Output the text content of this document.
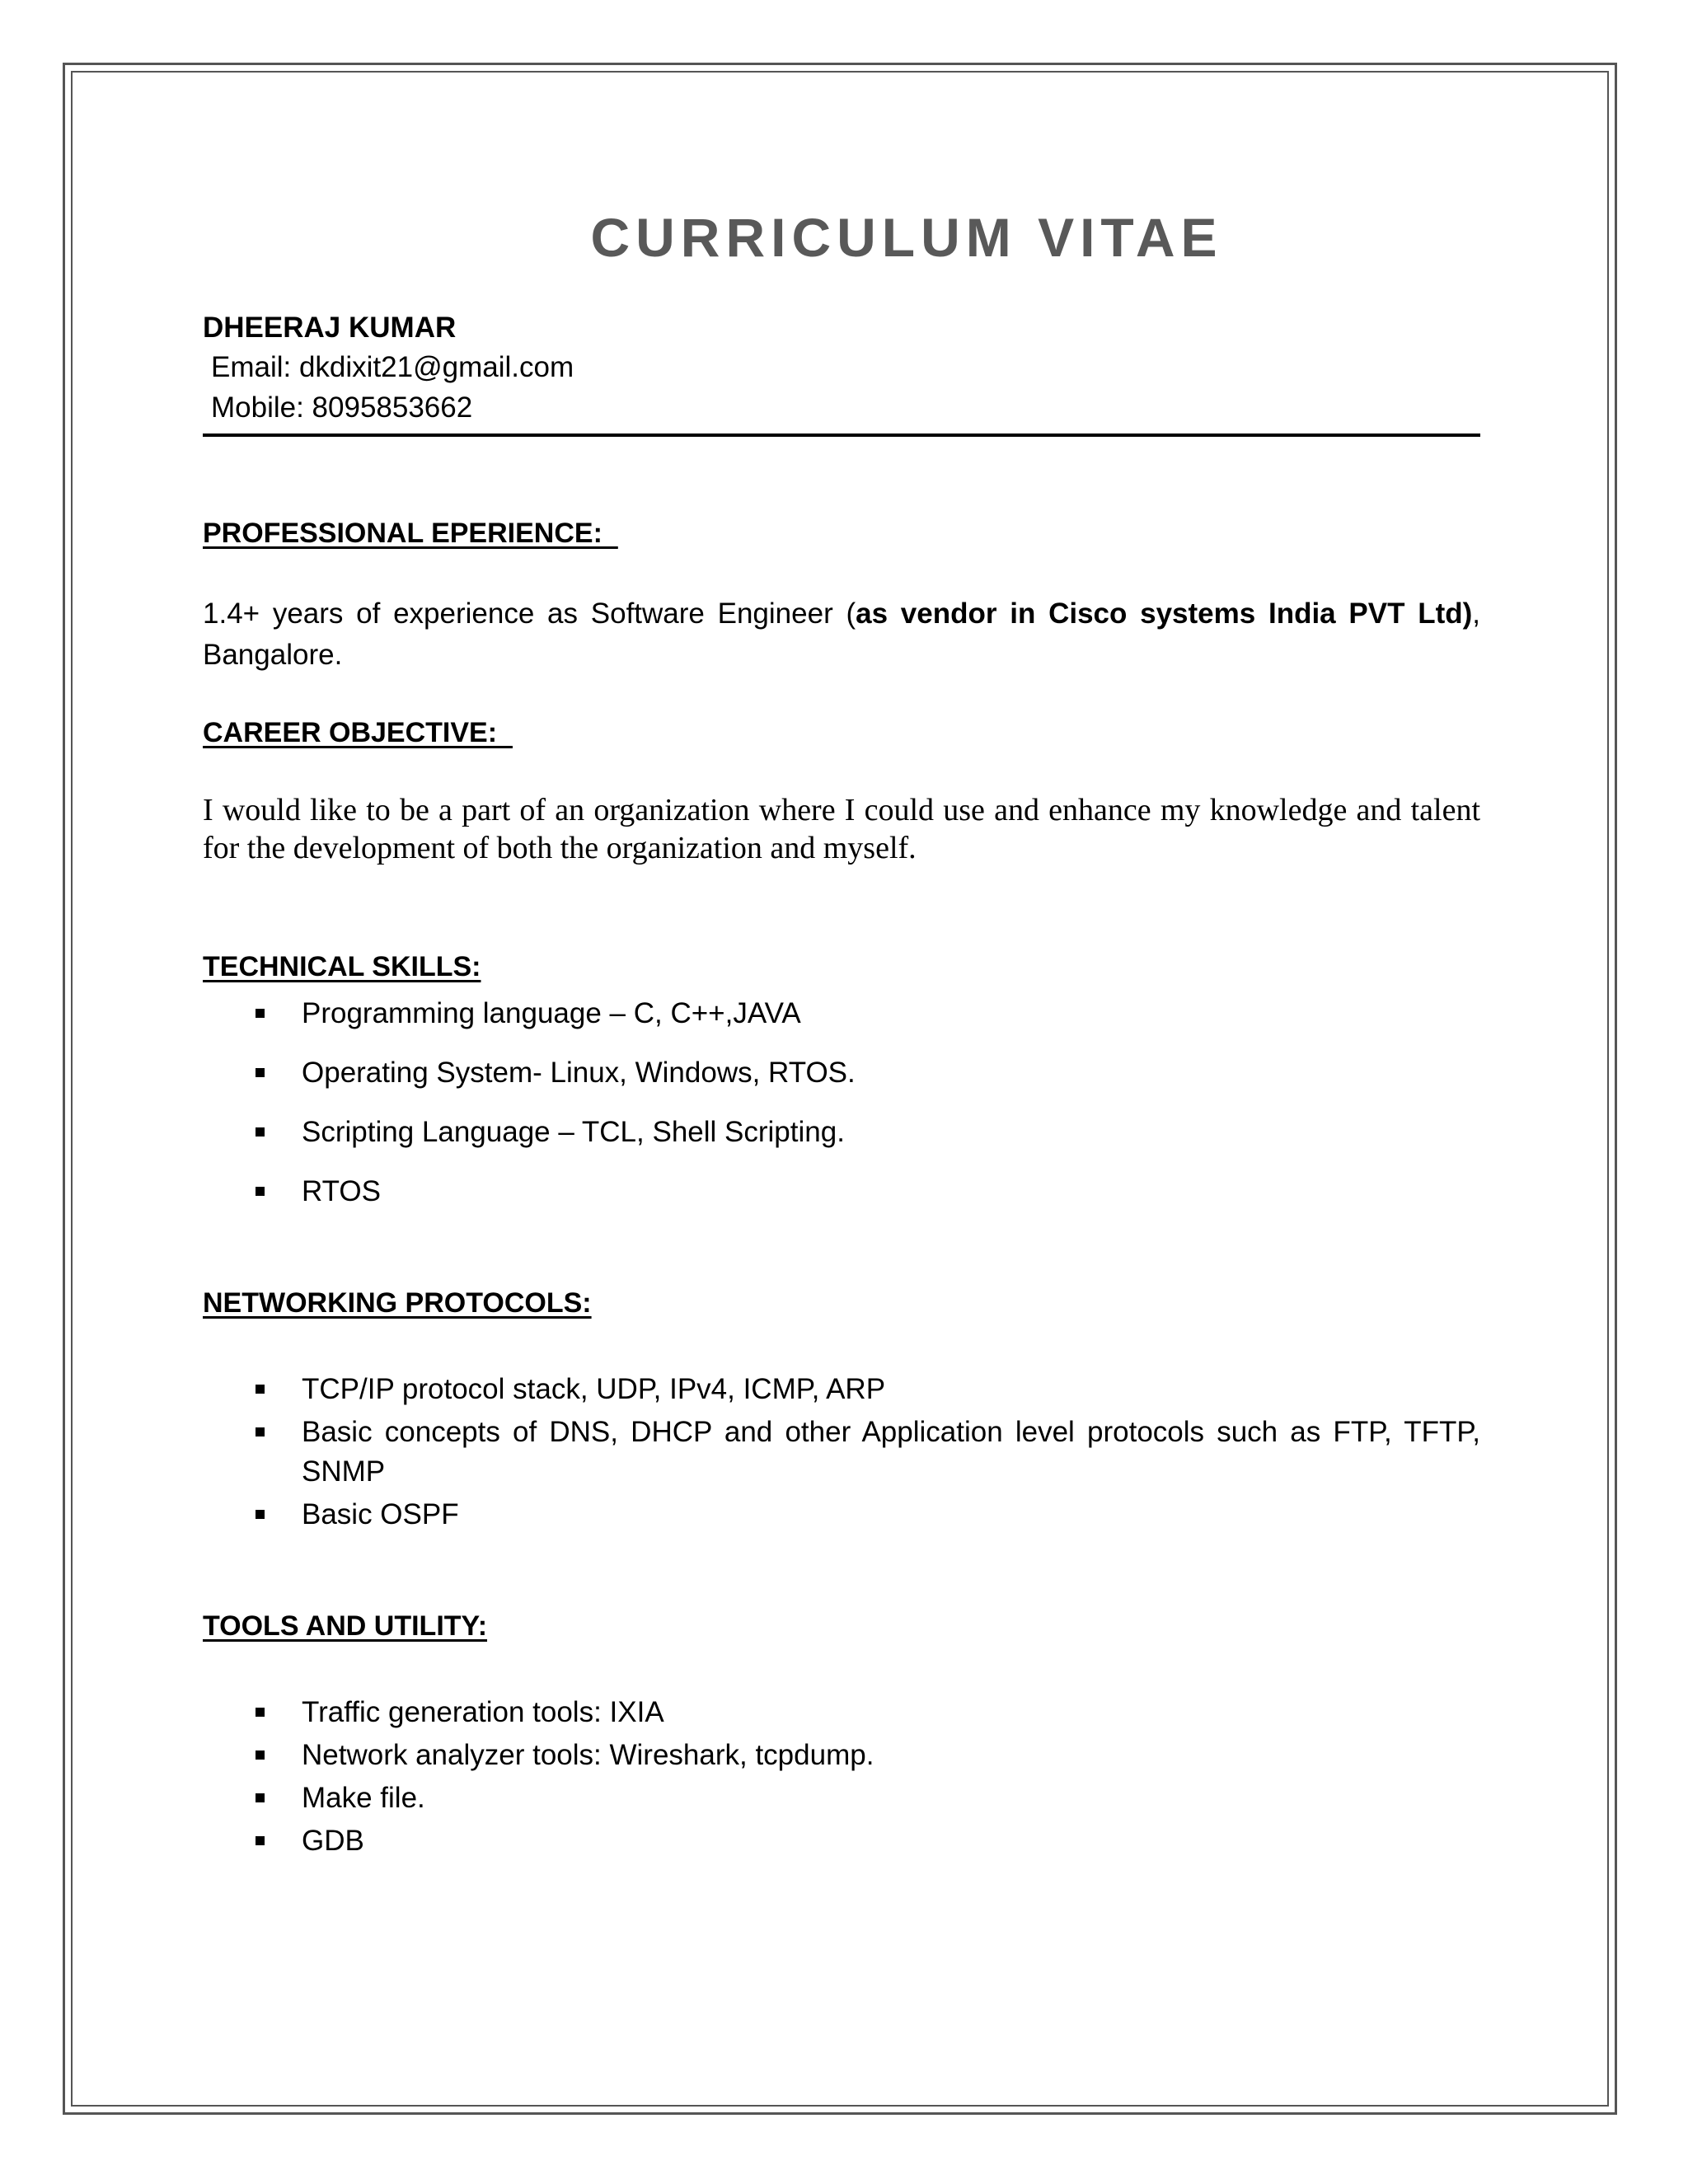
CURRICULUM VITAE
DHEERAJ KUMAR
Email: dkdixit21@gmail.com
Mobile: 8095853662
PROFESSIONAL EPERIENCE:
1.4+ years of experience as Software Engineer (as vendor in Cisco systems India PVT Ltd), Bangalore.
CAREER OBJECTIVE:
I would like to be a part of an organization where I could use and enhance my knowledge and talent for the development of both the organization and myself.
TECHNICAL SKILLS:
Programming language – C, C++,JAVA
Operating System- Linux, Windows, RTOS.
Scripting Language – TCL, Shell Scripting.
RTOS
NETWORKING PROTOCOLS:
TCP/IP protocol stack, UDP, IPv4, ICMP, ARP
Basic concepts of DNS, DHCP and other Application level protocols such as FTP, TFTP, SNMP
Basic OSPF
TOOLS AND UTILITY:
Traffic generation tools: IXIA
Network analyzer tools: Wireshark, tcpdump.
Make file.
GDB
